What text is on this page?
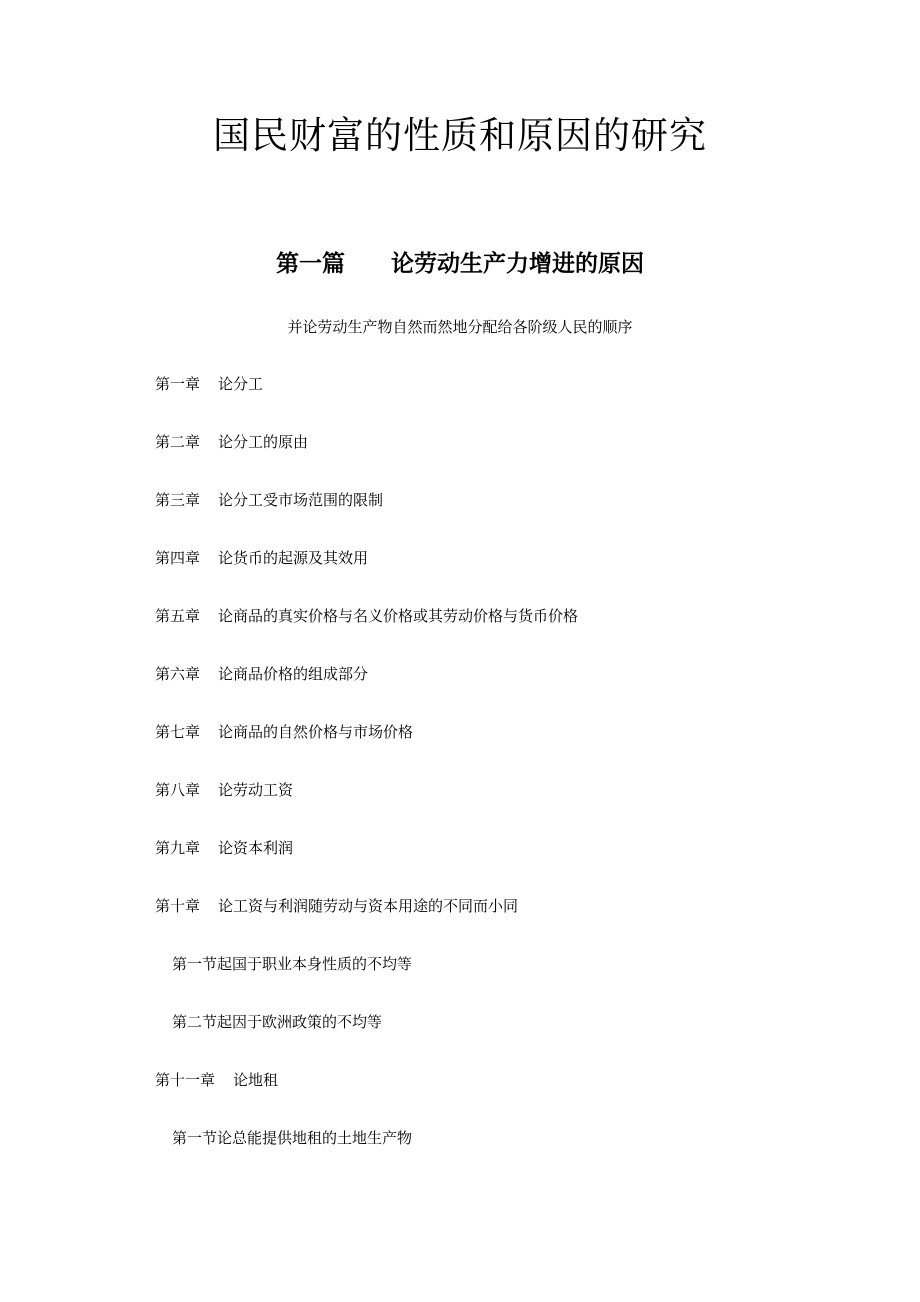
国民财富的性质和原因的研究
第一篇 论劳动生产力增进的原因
并论劳动生产物自然而然地分配给各阶级人民的顺序
第一章 论分工
第二章 论分工的原由
第三章 论分工受市场范围的限制
第四章 论货币的起源及其效用
第五章 论商品的真实价格与名义价格或其劳动价格与货币价格
第六章 论商品价格的组成部分
第七章 论商品的自然价格与市场价格
第八章 论劳动工资
第九章 论资本利润
第十章 论工资与利润随劳动与资本用途的不同而小同
第一节起国于职业本身性质的不均等
第二节起因于欧洲政策的不均等
第十一章 论地租
第一节论总能提供地租的土地生产物
